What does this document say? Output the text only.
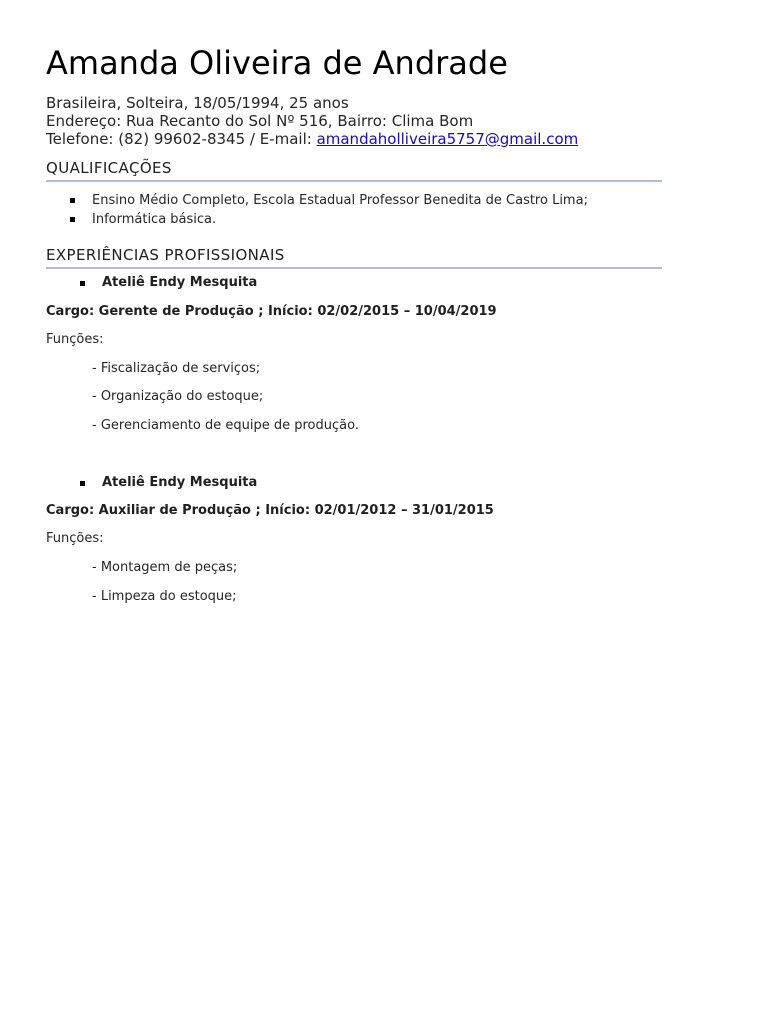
Amanda Oliveira de Andrade
Brasileira, Solteira, 18/05/1994, 25 anos
Endereço: Rua Recanto do Sol Nº 516, Bairro: Clima Bom
Telefone: (82) 99602-8345 / E-mail: amandaholliveira5757@gmail.com
QUALIFICAÇÕES
Ensino Médio Completo, Escola Estadual Professor Benedita de Castro Lima;
Informática básica.
EXPERIÊNCIAS PROFISSIONAIS
Ateliê Endy Mesquita
Cargo: Gerente de Produção ; Início: 02/02/2015 – 10/04/2019
Funções:
- Fiscalização de serviços;
- Organização do estoque;
- Gerenciamento de equipe de produção.
Ateliê Endy Mesquita
Cargo: Auxiliar de Produção ; Início: 02/01/2012 – 31/01/2015
Funções:
- Montagem de peças;
- Limpeza do estoque;
